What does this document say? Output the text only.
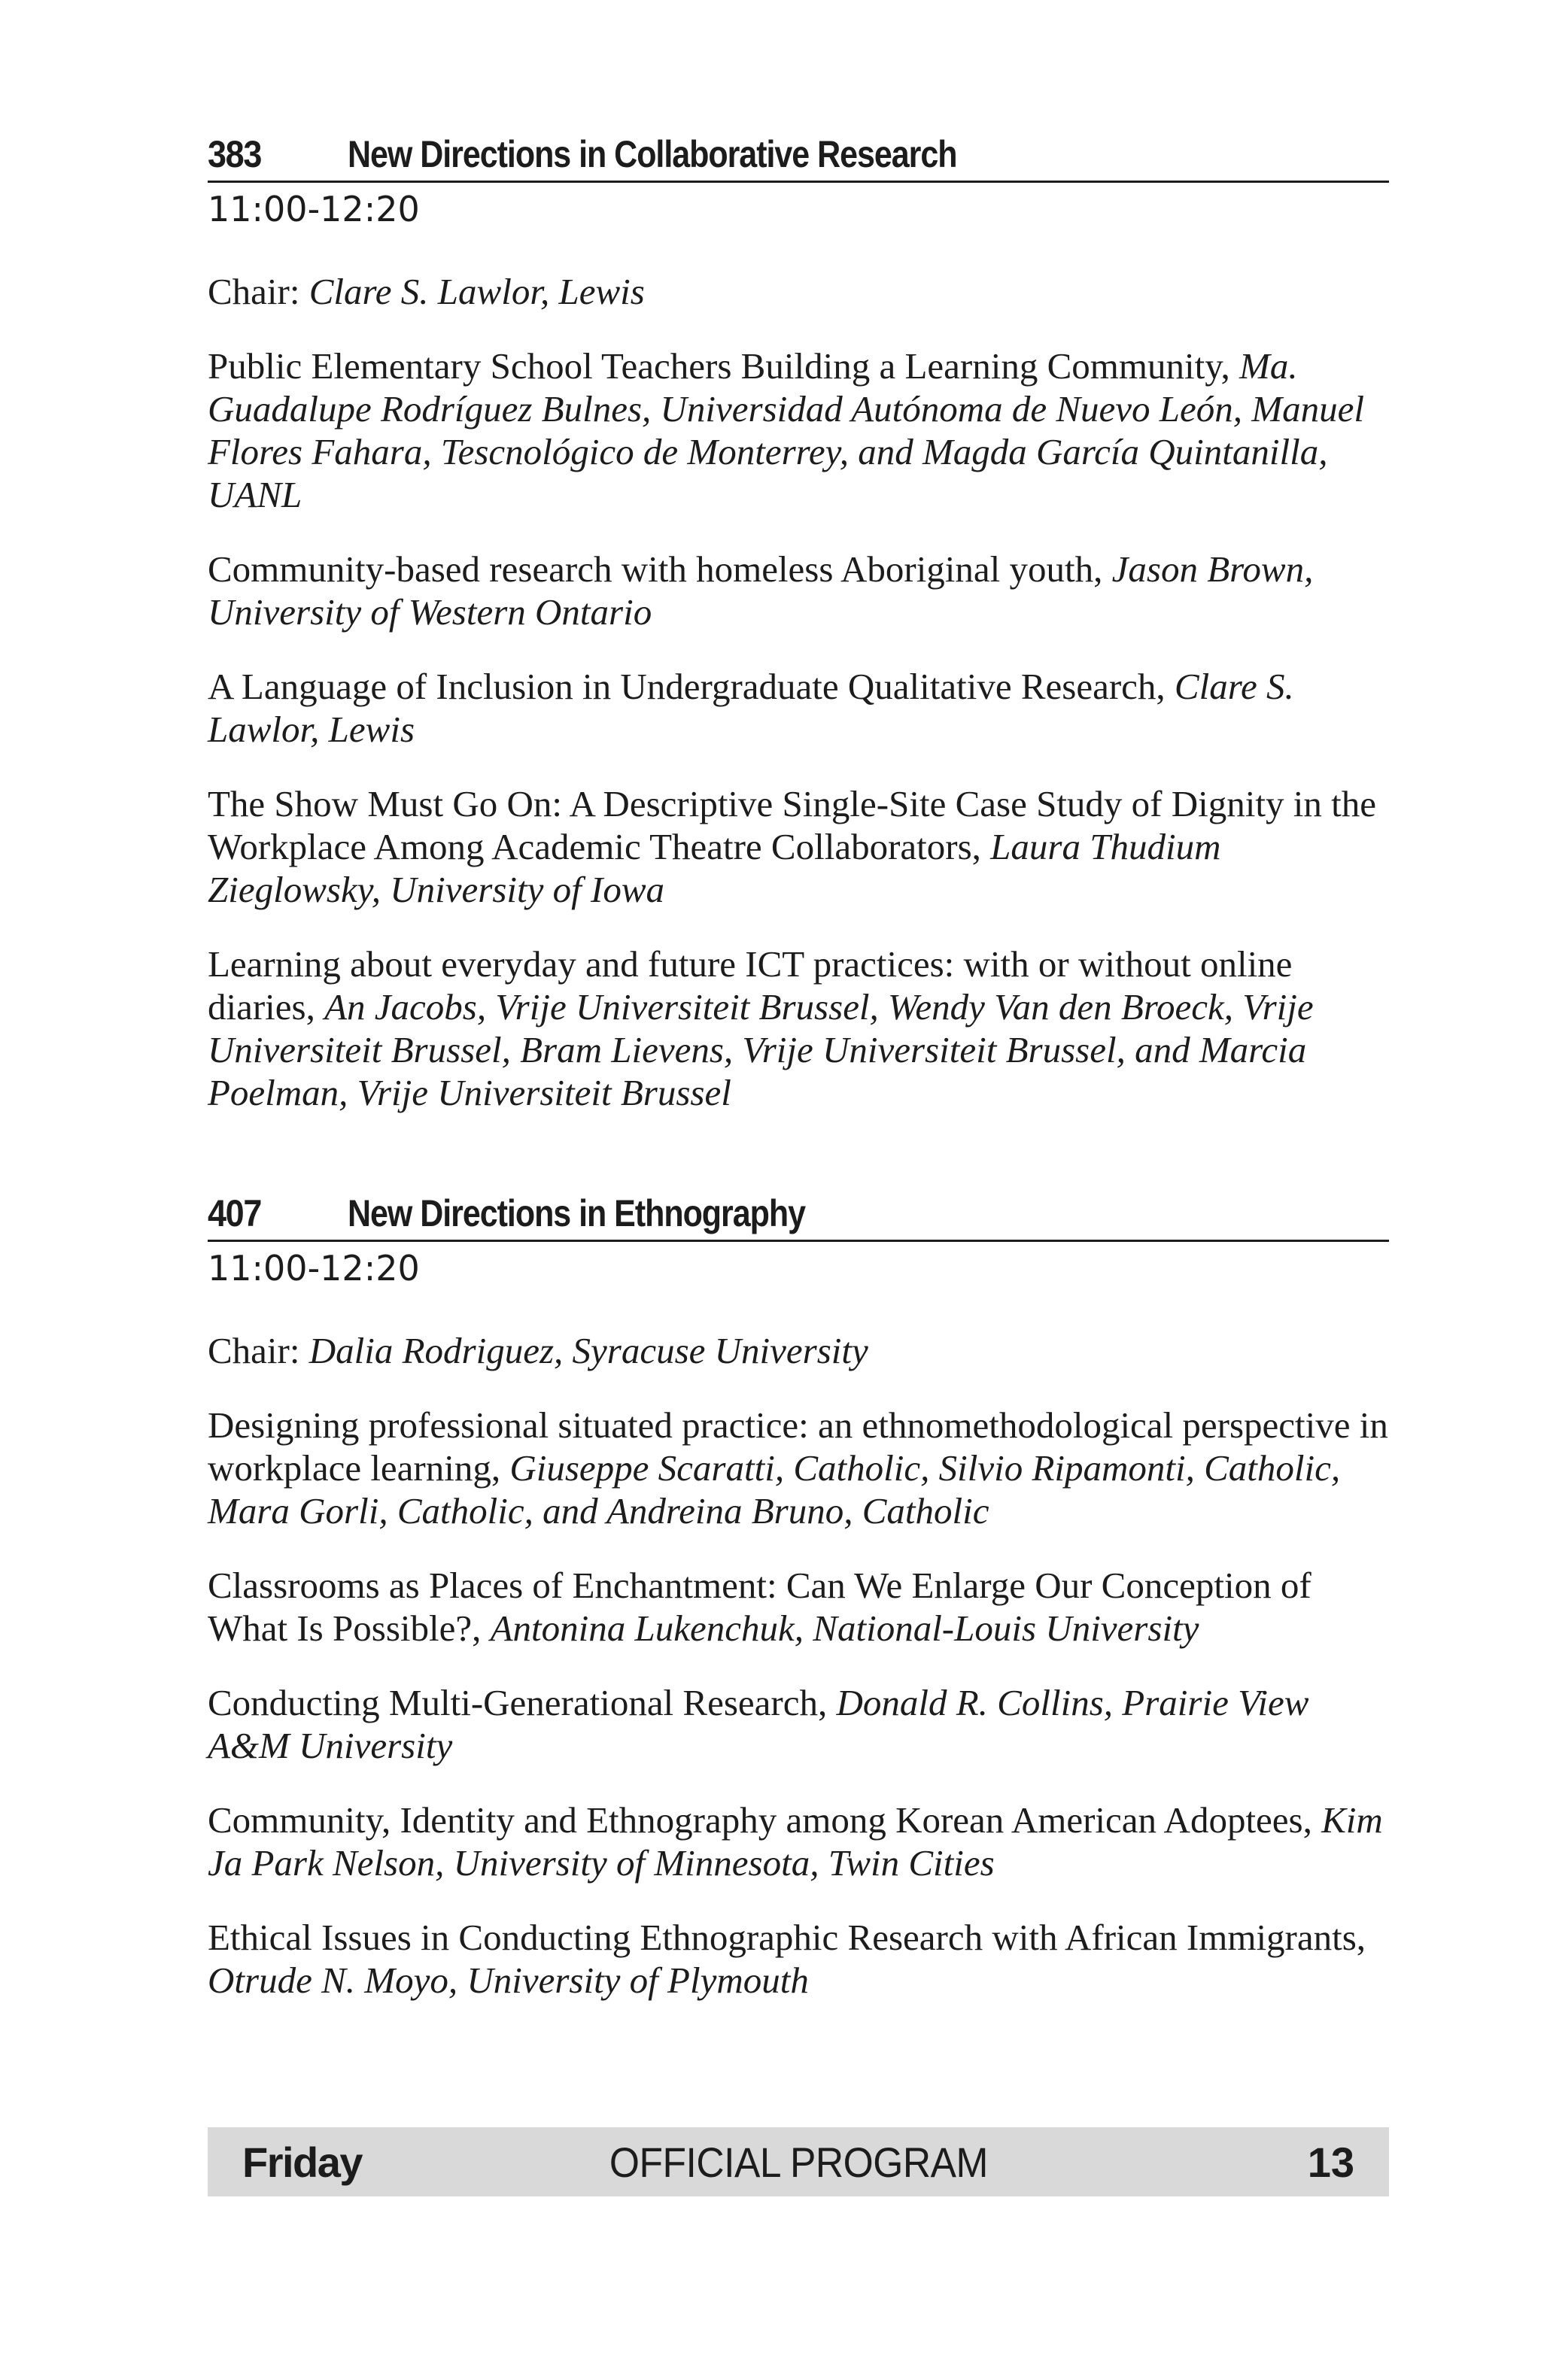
383	New Directions in Collaborative Research
11:00-12:20

Chair: Clare S. Lawlor, Lewis

Public Elementary School Teachers Building a Learning Community, Ma. Guadalupe Rodríguez Bulnes, Universidad Autónoma de Nuevo León, Manuel Flores Fahara, Tescnológico de Monterrey, and Magda García Quintanilla, UANL

Community-based research with homeless Aboriginal youth, Jason Brown, University of Western Ontario

A Language of Inclusion in Undergraduate Qualitative Research, Clare S. Lawlor, Lewis

The Show Must Go On: A Descriptive Single-Site Case Study of Dignity in the Workplace Among Academic Theatre Collaborators, Laura Thudium Zieglowsky, University of Iowa

Learning about everyday and future ICT practices: with or without online diaries, An Jacobs, Vrije Universiteit Brussel, Wendy Van den Broeck, Vrije Universiteit Brussel, Bram Lievens, Vrije Universiteit Brussel, and Marcia Poelman, Vrije Universiteit Brussel

407	New Directions in Ethnography
11:00-12:20

Chair: Dalia Rodriguez, Syracuse University

Designing professional situated practice: an ethnomethodological perspective in workplace learning, Giuseppe Scaratti, Catholic, Silvio Ripamonti, Catholic, Mara Gorli, Catholic, and Andreina Bruno, Catholic

Classrooms as Places of Enchantment: Can We Enlarge Our Conception of What Is Possible?, Antonina Lukenchuk, National-Louis University

Conducting Multi-Generational Research, Donald R. Collins, Prairie View A&M University

Community, Identity and Ethnography among Korean American Adoptees, Kim Ja Park Nelson, University of Minnesota, Twin Cities

Ethical Issues in Conducting Ethnographic Research with African Immigrants, Otrude N. Moyo, University of Plymouth

Friday	OFFICIAL PROGRAM	13
